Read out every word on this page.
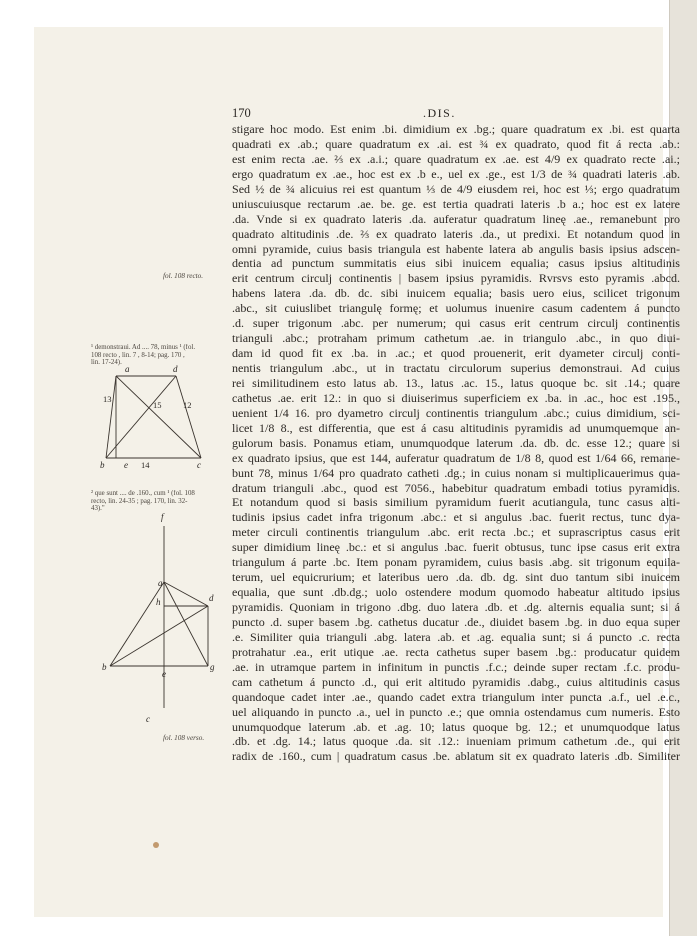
170	.DIS.
stigare hoc modo. Est enim .bi. dimidium ex .bg.; quare quadratum ex .bi. est quarta
quadrati ex .ab.; quare quadratum ex .ai. est ¾ ex quadrato, quod fit á recta .ab.:
est enim recta .ae. ⅔ ex .a.i.; quare quadratum ex .ae. est 4/9 ex quadrato recte .ai.;
ergo quadratum ex .ae., hoc est ex .b e., uel ex .ge., est 1/3 de ¾ quadrati lateris .ab.
Sed ½ de ¾ alicuius rei est quantum ⅓ de 4/9 eiusdem rei, hoc est ⅓; ergo quadratum
uniuscuiusque rectarum .ae. be. ge. est tertia quadrati lateris .b a.; hoc est ex latere
.da. Vnde si ex quadrato lateris .da. auferatur quadratum lineę .ae., remanebunt pro
quadrato altitudinis .de. ⅔ ex quadrato lateris .da., ut predixi. Et notandum quod in
omni pyramide, cuius basis triangula est habente latera ab angulis basis ipsius adscen-
dentia ad punctum summitatis eius sibi inuicem equalia; casus ipsius altitudinis
erit centrum circulj continentis | basem ipsius pyramidis. Rvrsvs esto pyramis .abcd.
habens latera .da. db. dc. sibi inuicem equalia; basis uero eius, scilicet trigonum
.abc., sit cuiuslibet triangulę formę; et uolumus inuenire casum cadentem á puncto
.d. super trigonum .abc. per numerum; qui casus erit centrum circulj continentis
trianguli .abc.; protraham primum cathetum .ae. in triangulo .abc., in quo diui-
dam id quod fit ex .ba. in .ac.; et quod prouenerit, erit dyameter circulj conti-
nentis triangulum .abc., ut in tractatu circulorum superius demonstraui. Ad cuius
rei similitudinem esto latus ab. 13., latus .ac. 15., latus quoque bc. sit .14.; quare
cathetus .ae. erit 12.: in quo si diuiserimus superficiem ex .ba. in .ac., hoc est .195.,
uenient 1/4 16. pro dyametro circulj continentis triangulum .abc.; cuius dimidium, sci-
licet 1/8 8., est differentia, que est á casu altitudinis pyramidis ad unumquemque an-
gulorum basis. Ponamus etiam, unumquodque laterum .da. db. dc. esse 12.; quare si
ex quadrato ipsius, que est 144, auferatur quadratum de 1/8 8, quod est 1/64 66, remane-
bunt 78, minus 1/64 pro quadrato catheti .dg.; in cuius nonam si multiplicauerimus qua-
dratum trianguli .abc., quod est 7056., habebitur quadratum embadi totius pyramidis.
Et notandum quod si basis similium pyramidum fuerit acutiangula, tunc casus alti-
tudinis ipsius cadet infra trigonum .abc.: et si angulus .bac. fuerit rectus, tunc dya-
meter circuli continentis triangulum .abc. erit recta .bc.; et suprascriptus casus erit
super dimidium lineę .bc.: et si angulus .bac. fuerit obtusus, tunc ipse casus erit extra
triangulum á parte .bc. Item ponam pyramidem, cuius basis .abg. sit trigonum equila-
terum, uel equicrurium; et lateribus uero .da. db. dg. sint duo tantum sibi inuicem
equalia, que sunt .db.dg.; uolo ostendere modum quomodo habeatur altitudo ipsius
pyramidis. Quoniam in trigono .dbg. duo latera .db. et .dg. alternis equalia sunt; si á
puncto .d. super basem .bg. cathetus ducatur .de., diuidet basem .bg. in duo equa super
.e. Similiter quia trianguli .abg. latera .ab. et .ag. equalia sunt; si á puncto .c. recta
protrahatur .ea., erit utique .ae. recta cathetus super basem .bg.: producatur quidem
.ae. in utramque partem in infinitum in punctis .f.c.; deinde super rectam .f.c. produ-
cam cathetum á puncto .d., qui erit altitudo pyramidis .dabg., cuius altitudinis casus
quandoque cadet inter .ae., quando cadet extra triangulum inter puncta .a.f., uel .e.c.,
uel aliquando in puncto .a., uel in puncto .e.; que omnia ostendamus cum numeris. Esto
unumquodque laterum .ab. et .ag. 10; latus quoque bg. 12.; et unumquodque latus
.db. et .dg. 14.; latus quoque .da. sit .12.: inueniam primum cathetum .de., qui erit
radix de .160., cum | quadratum casus .be. ablatum sit ex quadrato lateris .db. Similiter
fol. 108 recto.
fol. 108 verso.
¹ demonstraui. Ad .... 78, minus ¹ (fol.
108 recto , lin. 7 , 8-14; pag. 170 ,
lin. 17-24).
² que sunt .... de .160., cum ¹ (fol. 108
recto, lin. 24-35 ; pag. 170, lin. 32-
43)."
a	d
b e	c
13
15	12
14
f
a
h	d
b	g
e
c
